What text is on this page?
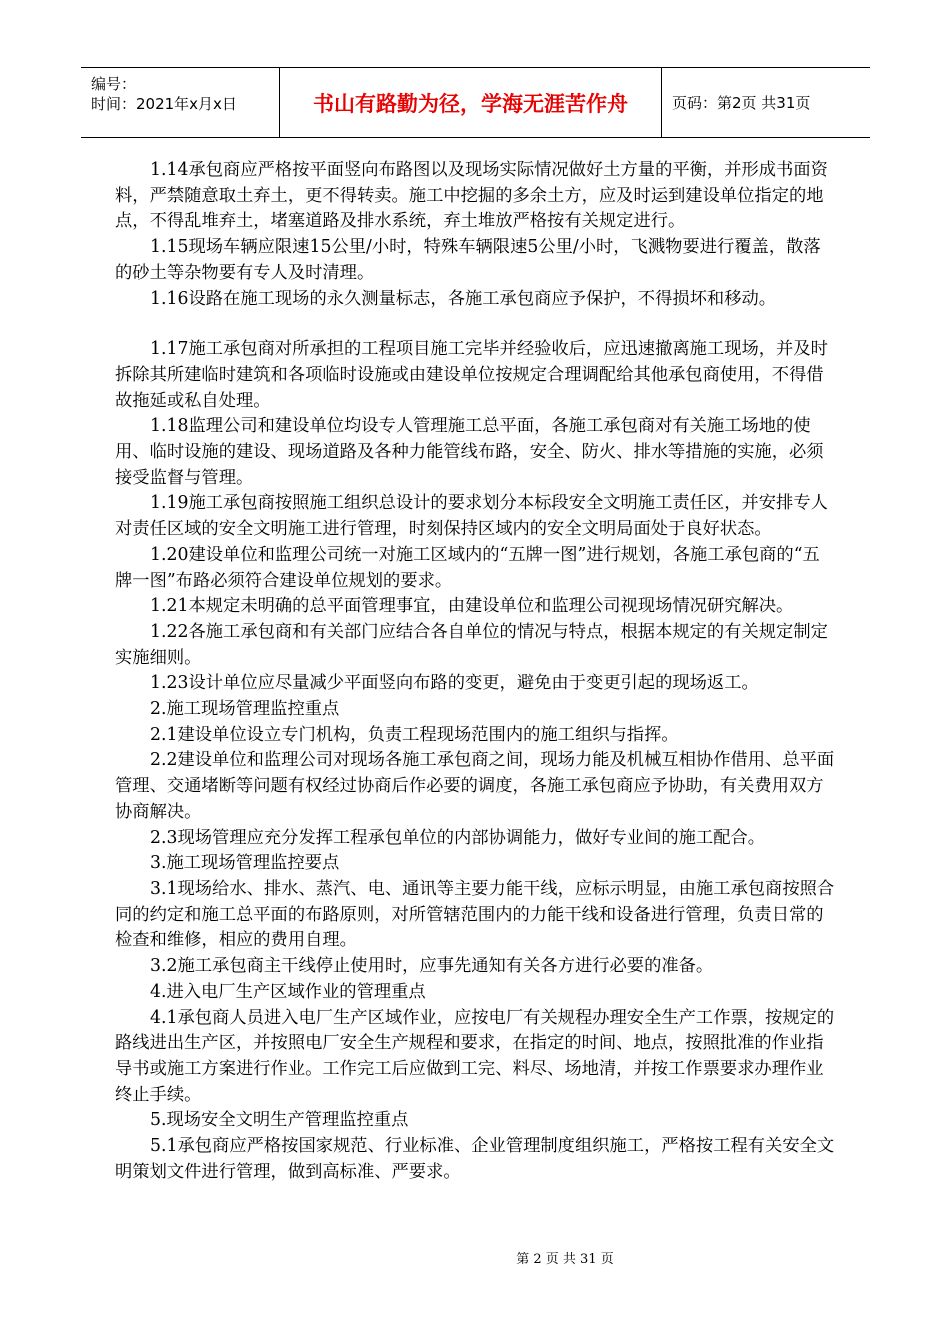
编号：
时间：2021年x月x日	书山有路勤为径，学海无涯苦作舟	页码：第2页 共31页

1.14承包商应严格按平面竖向布路图以及现场实际情况做好土方量的平衡，并形成书面资料，严禁随意取土弃土，更不得转卖。施工中挖掘的多余土方，应及时运到建设单位指定的地点，不得乱堆弃土，堵塞道路及排水系统，弃土堆放严格按有关规定进行。

1.15现场车辆应限速15公里/小时，特殊车辆限速5公里/小时，飞溅物要进行覆盖，散落的砂土等杂物要有专人及时清理。

1.16设路在施工现场的永久测量标志，各施工承包商应予保护，不得损坏和移动。

1.17施工承包商对所承担的工程项目施工完毕并经验收后，应迅速撤离施工现场，并及时拆除其所建临时建筑和各项临时设施或由建设单位按规定合理调配给其他承包商使用，不得借故拖延或私自处理。

1.18监理公司和建设单位均设专人管理施工总平面，各施工承包商对有关施工场地的使用、临时设施的建设、现场道路及各种力能管线布路，安全、防火、排水等措施的实施，必须接受监督与管理。

1.19施工承包商按照施工组织总设计的要求划分本标段安全文明施工责任区，并安排专人对责任区域的安全文明施工进行管理，时刻保持区域内的安全文明局面处于良好状态。

1.20建设单位和监理公司统一对施工区域内的“五牌一图”进行规划，各施工承包商的“五牌一图”布路必须符合建设单位规划的要求。

1.21本规定未明确的总平面管理事宜，由建设单位和监理公司视现场情况研究解决。

1.22各施工承包商和有关部门应结合各自单位的情况与特点，根据本规定的有关规定制定实施细则。

1.23设计单位应尽量减少平面竖向布路的变更，避免由于变更引起的现场返工。

2.施工现场管理监控重点

2.1建设单位设立专门机构，负责工程现场范围内的施工组织与指挥。

2.2建设单位和监理公司对现场各施工承包商之间，现场力能及机械互相协作借用、总平面管理、交通堵断等问题有权经过协商后作必要的调度，各施工承包商应予协助，有关费用双方协商解决。

2.3现场管理应充分发挥工程承包单位的内部协调能力，做好专业间的施工配合。

3.施工现场管理监控要点

3.1现场给水、排水、蒸汽、电、通讯等主要力能干线，应标示明显，由施工承包商按照合同的约定和施工总平面的布路原则，对所管辖范围内的力能干线和设备进行管理，负责日常的检查和维修，相应的费用自理。

3.2施工承包商主干线停止使用时，应事先通知有关各方进行必要的准备。

4.进入电厂生产区域作业的管理重点

4.1承包商人员进入电厂生产区域作业，应按电厂有关规程办理安全生产工作票，按规定的路线进出生产区，并按照电厂安全生产规程和要求，在指定的时间、地点，按照批准的作业指导书或施工方案进行作业。工作完工后应做到工完、料尽、场地清，并按工作票要求办理作业终止手续。

5.现场安全文明生产管理监控重点

5.1承包商应严格按国家规范、行业标准、企业管理制度组织施工，严格按工程有关安全文明策划文件进行管理，做到高标准、严要求。

第 2 页 共 31 页
